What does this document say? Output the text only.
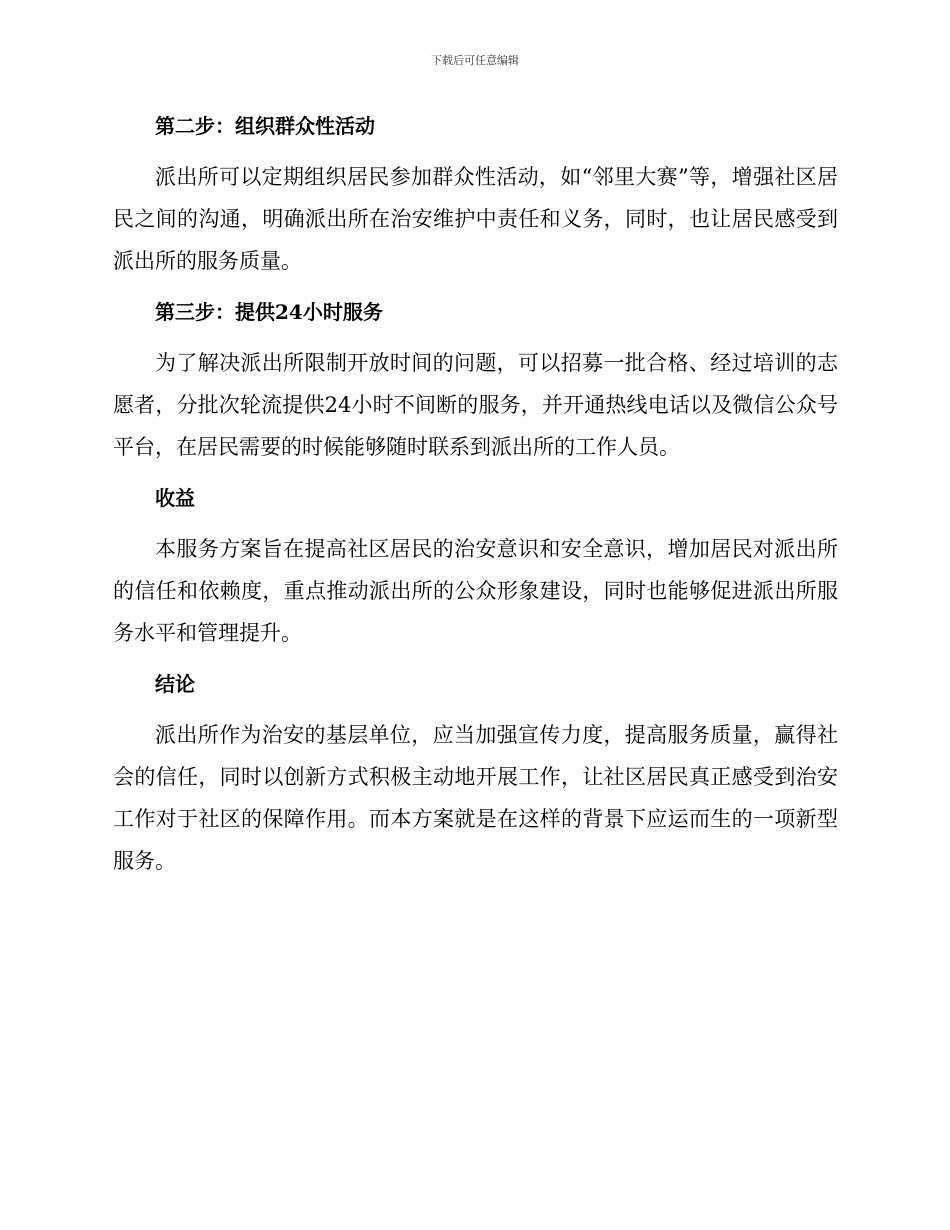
下载后可任意编辑
第二步：组织群众性活动

派出所可以定期组织居民参加群众性活动，如“邻里大赛”等，增强社区居民之间的沟通，明确派出所在治安维护中责任和义务，同时，也让居民感受到派出所的服务质量。

第三步：提供24小时服务

为了解决派出所限制开放时间的问题，可以招募一批合格、经过培训的志愿者，分批次轮流提供24小时不间断的服务，并开通热线电话以及微信公众号平台，在居民需要的时候能够随时联系到派出所的工作人员。

收益

本服务方案旨在提高社区居民的治安意识和安全意识，增加居民对派出所的信任和依赖度，重点推动派出所的公众形象建设，同时也能够促进派出所服务水平和管理提升。

结论

派出所作为治安的基层单位，应当加强宣传力度，提高服务质量，赢得社会的信任，同时以创新方式积极主动地开展工作，让社区居民真正感受到治安工作对于社区的保障作用。而本方案就是在这样的背景下应运而生的一项新型服务。
